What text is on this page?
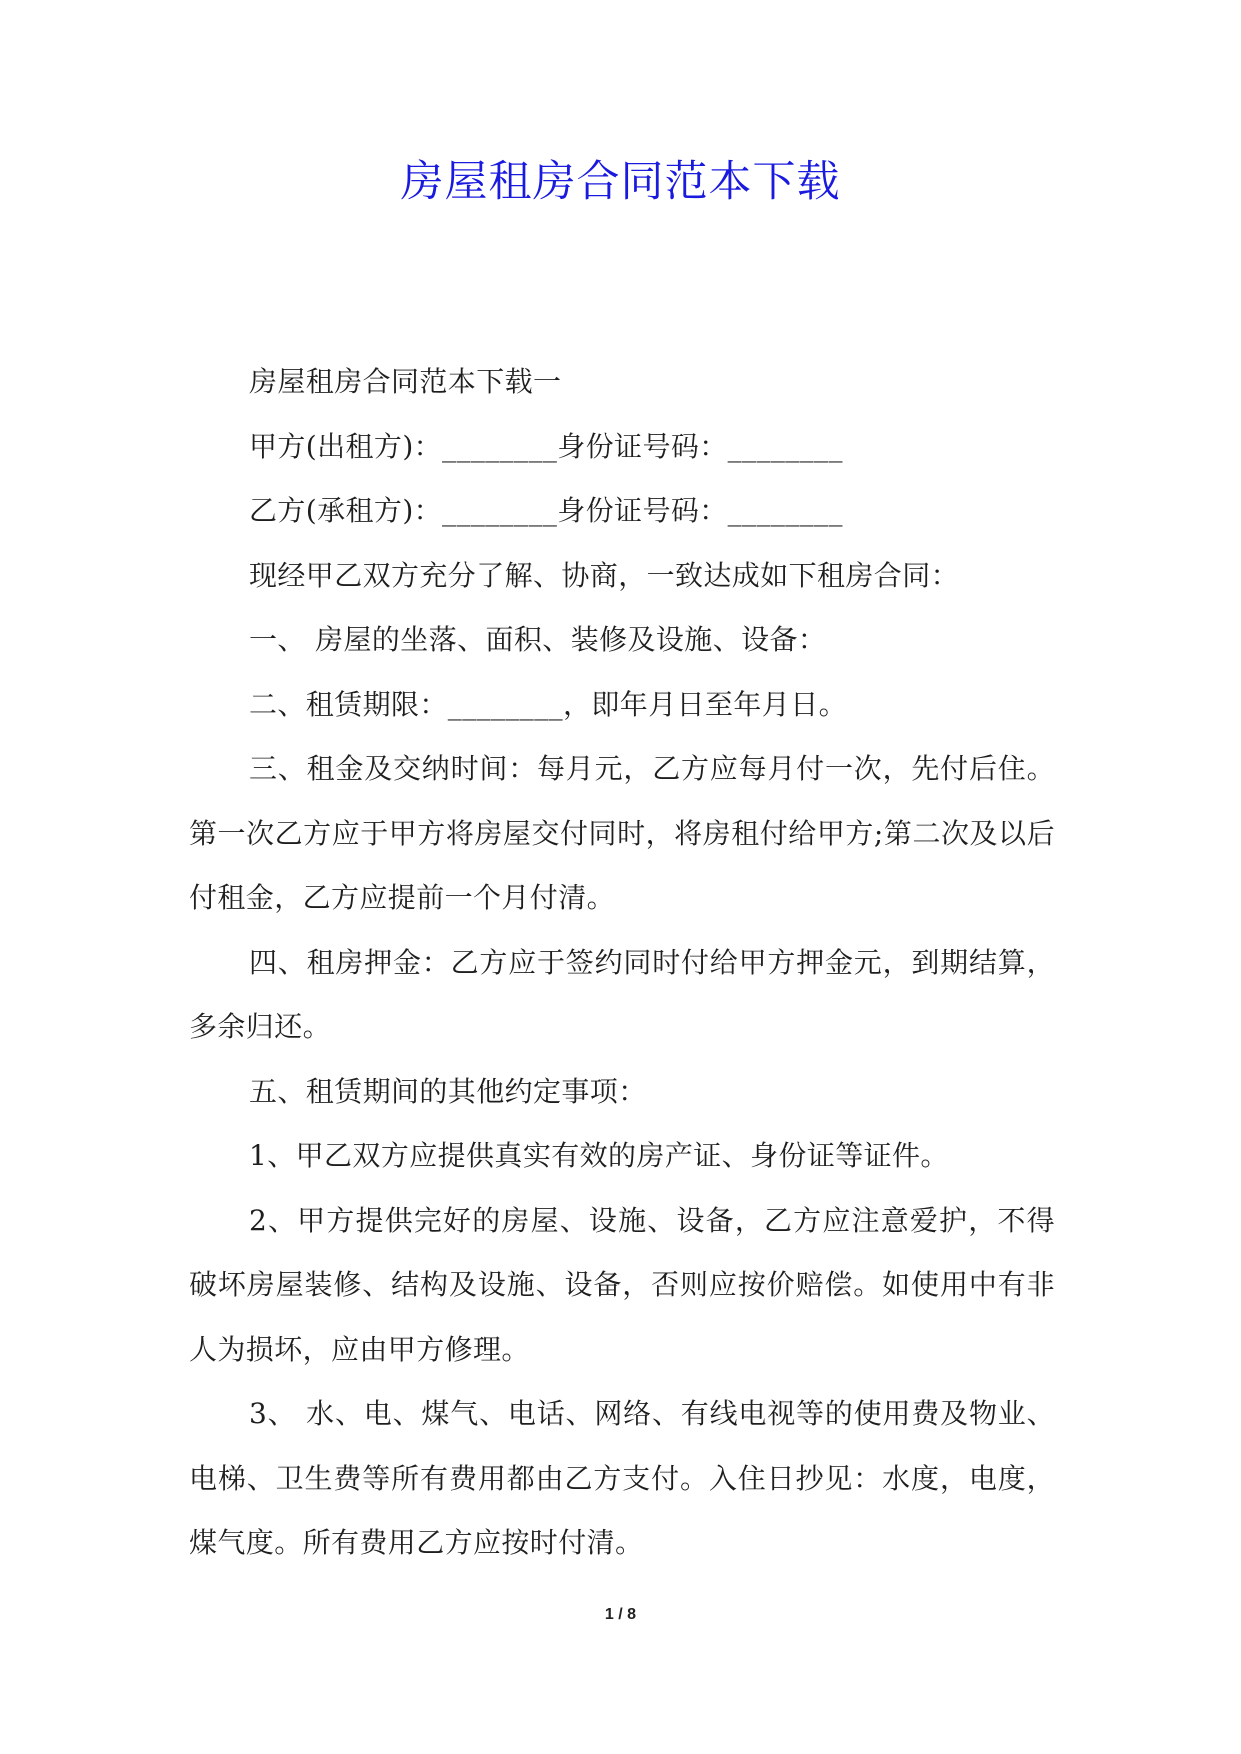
房屋租房合同范本下载

房屋租房合同范本下载一

甲方(出租方)：________身份证号码：________

乙方(承租方)：________身份证号码：________

现经甲乙双方充分了解、协商，一致达成如下租房合同：

一、 房屋的坐落、面积、装修及设施、设备：

二、租赁期限：________，即年月日至年月日。

三、租金及交纳时间：每月元，乙方应每月付一次，先付后住。第一次乙方应于甲方将房屋交付同时，将房租付给甲方;第二次及以后付租金，乙方应提前一个月付清。

四、租房押金：乙方应于签约同时付给甲方押金元，到期结算，多余归还。

五、租赁期间的其他约定事项：

1、甲乙双方应提供真实有效的房产证、身份证等证件。

2、甲方提供完好的房屋、设施、设备，乙方应注意爱护，不得破坏房屋装修、结构及设施、设备，否则应按价赔偿。如使用中有非人为损坏，应由甲方修理。

3、 水、电、煤气、电话、网络、有线电视等的使用费及物业、电梯、卫生费等所有费用都由乙方支付。入住日抄见：水度，电度，煤气度。所有费用乙方应按时付清。

1 / 8
